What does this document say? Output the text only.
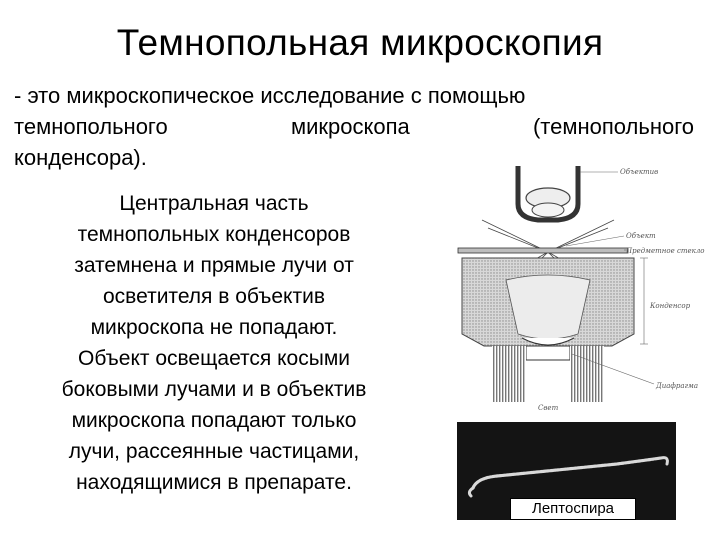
Темнопольная микроскопия
- это микроскопическое исследование с помощью
темнопольного	микроскопа	(темнопольного
конденсора).
Центральная часть
темнопольных конденсоров
затемнена и прямые лучи от
осветителя в объектив
микроскопа не попадают.
Объект освещается косыми
боковыми лучами и в объектив
микроскопа попадают только
лучи, рассеянные частицами,
находящимися в препарате.
Объектив
Объект
Предметное стекло
Конденсор
Диафрагма
Свет
Лептоспира
